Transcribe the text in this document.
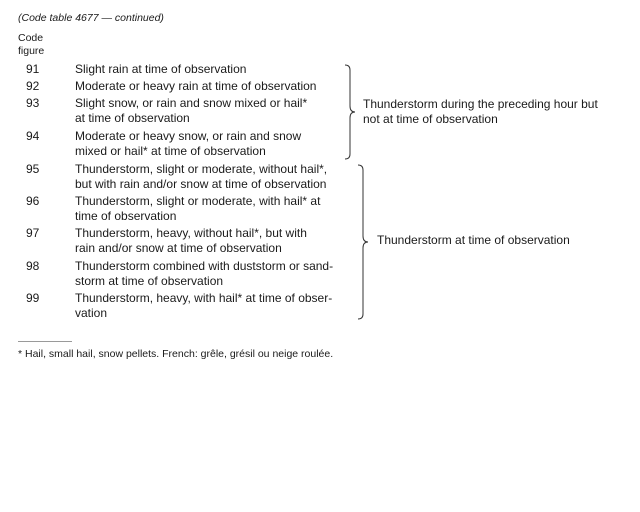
(Code table 4677 — continued)
Code
figure
91	Slight rain at time of observation
92	Moderate or heavy rain at time of observation
93	Slight snow, or rain and snow mixed or hail*
at time of observation
94	Moderate or heavy snow, or rain and snow
mixed or hail* at time of observation
95	Thunderstorm, slight or moderate, without hail*,
but with rain and/or snow at time of observation
96	Thunderstorm, slight or moderate, with hail* at
time of observation
97	Thunderstorm, heavy, without hail*, but with
rain and/or snow at time of observation
98	Thunderstorm combined with duststorm or sand-
storm at time of observation
99	Thunderstorm, heavy, with hail* at time of obser-
vation
Thunderstorm during the preceding hour but
not at time of observation
Thunderstorm at time of observation
* Hail, small hail, snow pellets. French: grêle, grésil ou neige roulée.
